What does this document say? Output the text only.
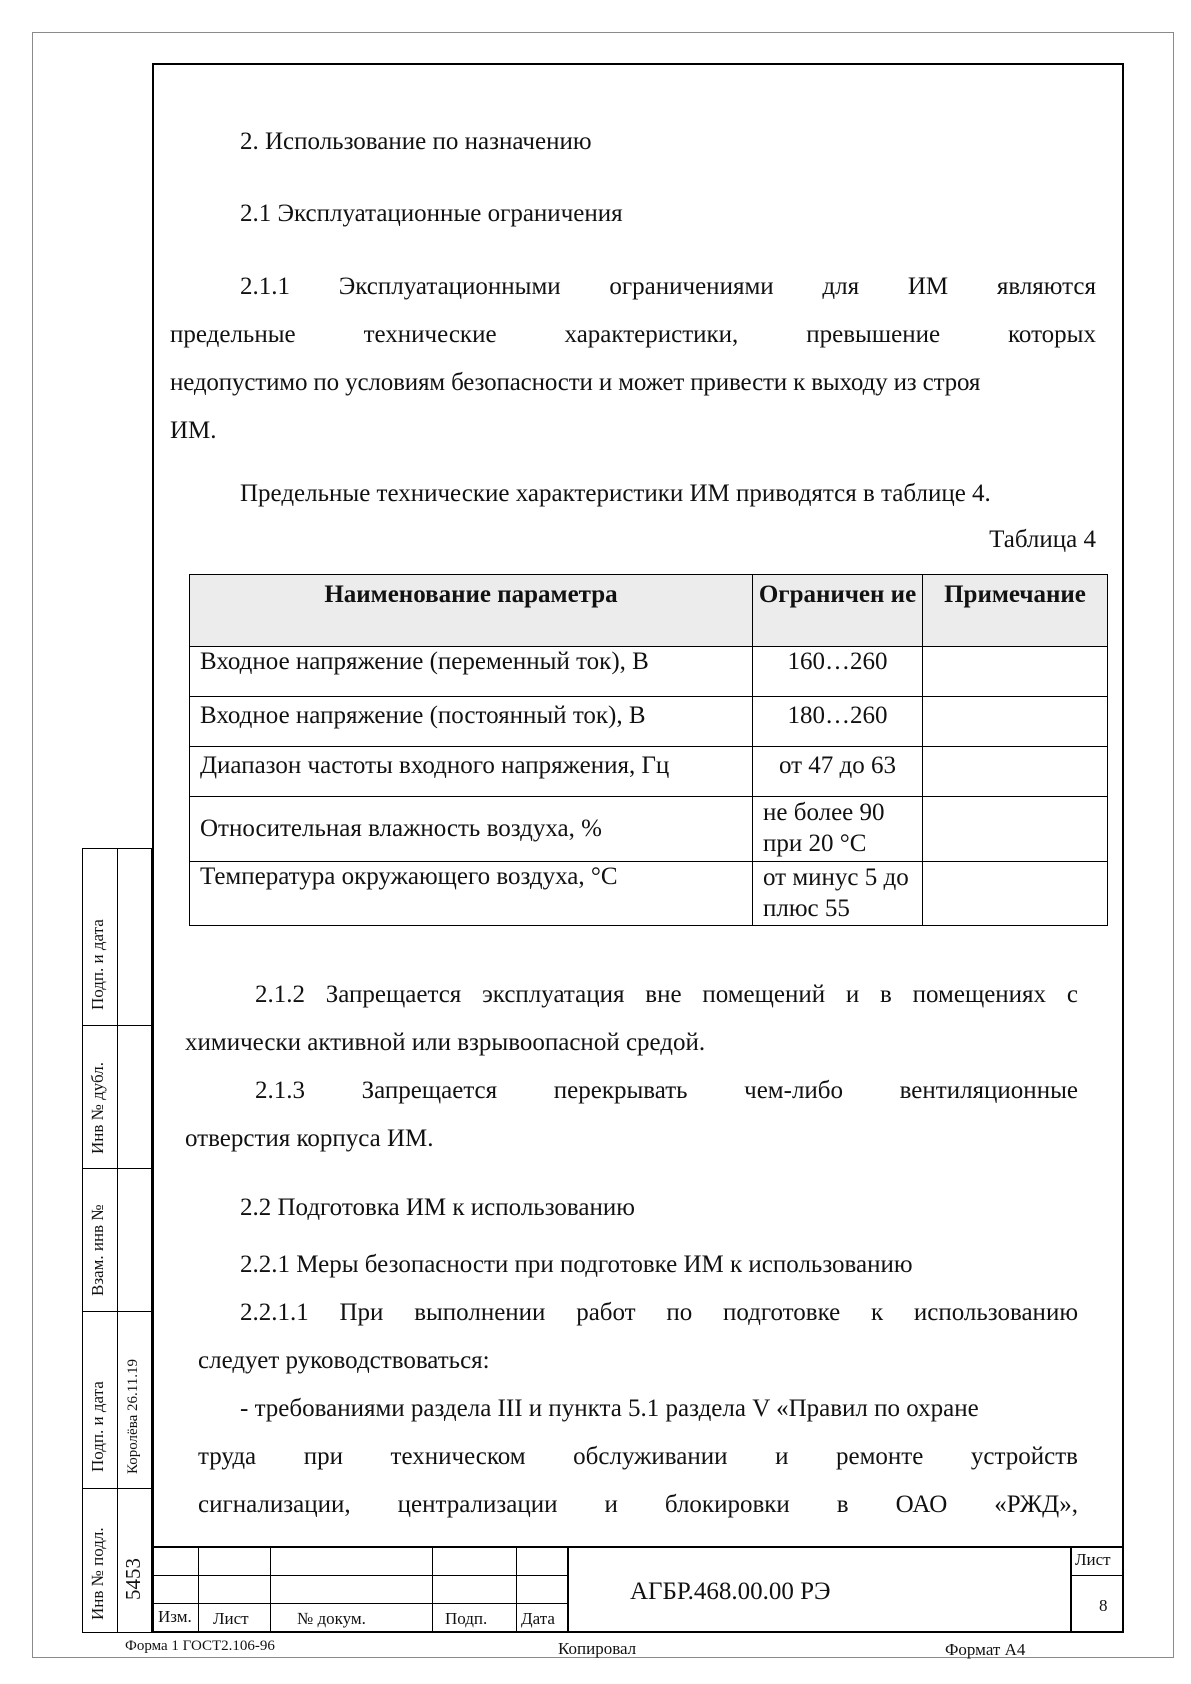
2. Использование по назначению
2.1 Эксплуатационные ограничения
2.1.1 Эксплуатационными ограничениями для ИМ являются
предельные	технические	характеристики,	превышение	которых
недопустимо по условиям безопасности и может привести к выходу из строя
ИМ.
Предельные технические характеристики ИМ приводятся в таблице 4.
Таблица 4
Наименование параметра	Ограничен ие	Примечание
Входное напряжение (переменный ток), В	160…260	
Входное напряжение (постоянный ток), В	180…260	
Диапазон частоты входного напряжения, Гц	от 47 до 63	
Относительная влажность воздуха, %	не более 90 при 20 °С	
Температура окружающего воздуха, °С	от минус 5 до плюс 55	
2.1.2 Запрещается эксплуатация вне помещений и в помещениях с
химически активной или взрывоопасной средой.
2.1.3 Запрещается перекрывать чем-либо вентиляционные
отверстия корпуса ИМ.
2.2 Подготовка ИМ к использованию
2.2.1 Меры безопасности при подготовке ИМ к использованию
2.2.1.1 При выполнении работ по подготовке к использованию
следует руководствоваться:
- требованиями раздела III и пункта 5.1 раздела V «Правил по охране
труда при техническом обслуживании и ремонте устройств
сигнализации, централизации и блокировки в ОАО «РЖД»,
Подп. и дата
Инв № дубл.
Взам. инв №
Подп. и дата Королёва 26.11.19
Инв № подл. 5453
Изм. Лист	№ докум.	Подп. Дата
АГБР.468.00.00 РЭ
Лист
8
Форма 1 ГОСТ2.106-96	Копировал	Формат А4
